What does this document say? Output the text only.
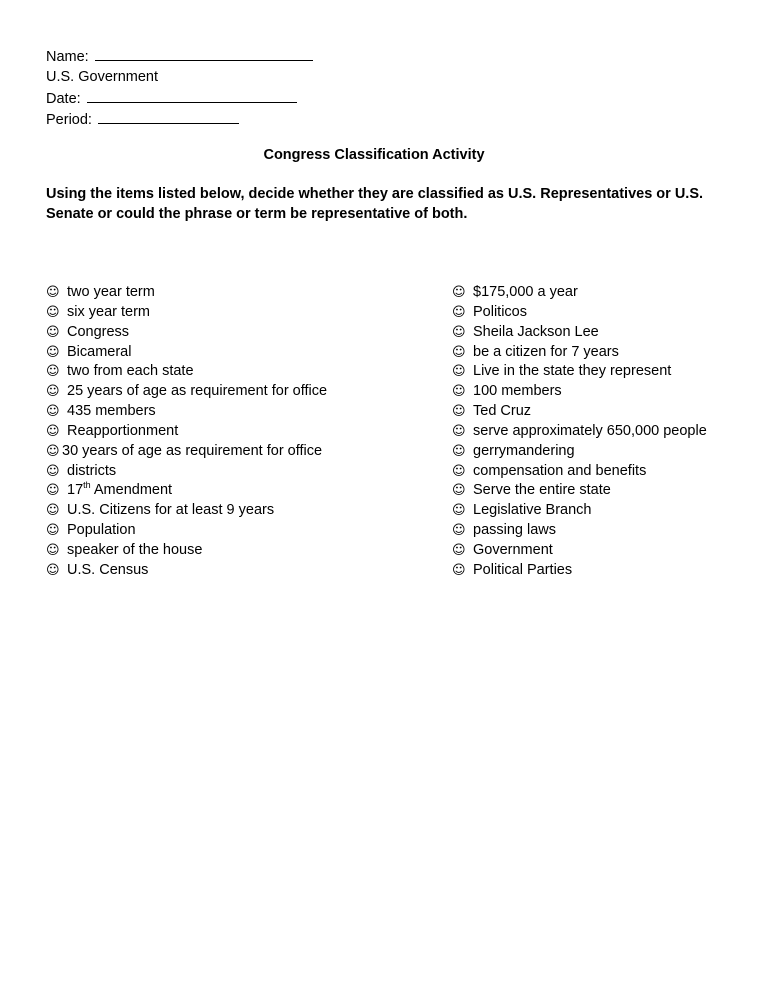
Name:
U.S. Government
Date:
Period:
Congress Classification Activity
Using the items listed below, decide whether they are classified as U.S. Representatives or U.S. Senate or could the phrase or term be representative of both.
☺ two year term
☺ six year term
☺ Congress
☺ Bicameral
☺ two from each state
☺ 25 years of age as requirement for office
☺ 435 members
☺ Reapportionment
☺ 30 years of age as requirement for office
☺ districts
☺ 17th Amendment
☺ U.S. Citizens for at least 9 years
☺ Population
☺ speaker of the house
☺ U.S. Census
☺ $175,000 a year
☺ Politicos
☺ Sheila Jackson Lee
☺ be a citizen for 7 years
☺ Live in the state they represent
☺ 100 members
☺ Ted Cruz
☺ serve approximately 650,000 people
☺ gerrymandering
☺ compensation and benefits
☺ Serve the entire state
☺ Legislative Branch
☺ passing laws
☺ Government
☺ Political Parties
